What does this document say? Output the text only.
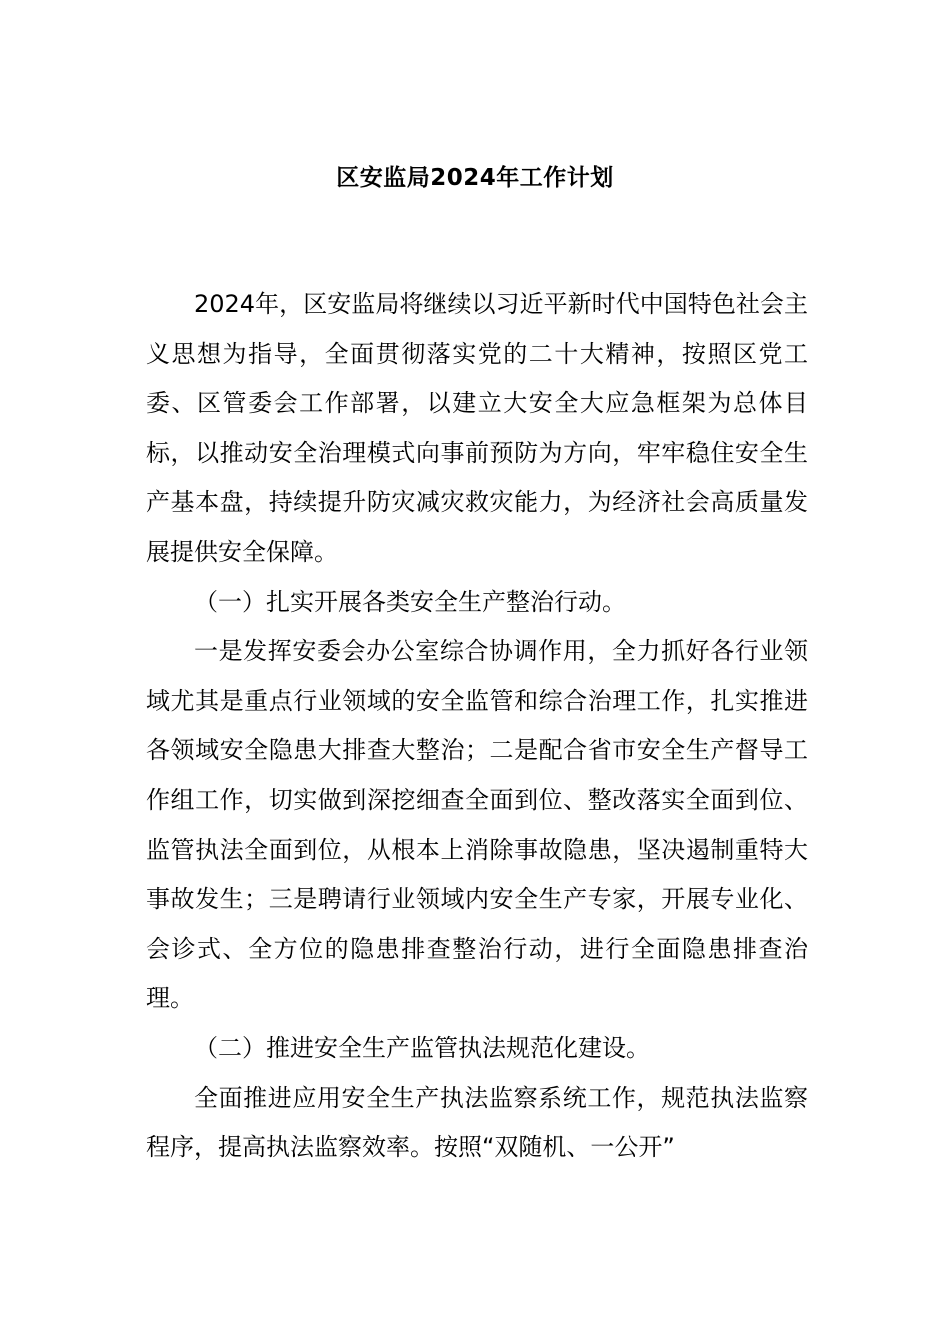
区安监局2024年工作计划

2024年，区安监局将继续以习近平新时代中国特色社会主义思想为指导，全面贯彻落实党的二十大精神，按照区党工委、区管委会工作部署，以建立大安全大应急框架为总体目标，以推动安全治理模式向事前预防为方向，牢牢稳住安全生产基本盘，持续提升防灾减灾救灾能力，为经济社会高质量发展提供安全保障。

（一）扎实开展各类安全生产整治行动。

一是发挥安委会办公室综合协调作用，全力抓好各行业领域尤其是重点行业领域的安全监管和综合治理工作，扎实推进各领域安全隐患大排查大整治；二是配合省市安全生产督导工作组工作，切实做到深挖细查全面到位、整改落实全面到位、监管执法全面到位，从根本上消除事故隐患，坚决遏制重特大事故发生；三是聘请行业领域内安全生产专家，开展专业化、会诊式、全方位的隐患排查整治行动，进行全面隐患排查治理。

（二）推进安全生产监管执法规范化建设。

全面推进应用安全生产执法监察系统工作，规范执法监察程序，提高执法监察效率。按照“双随机、一公开”
